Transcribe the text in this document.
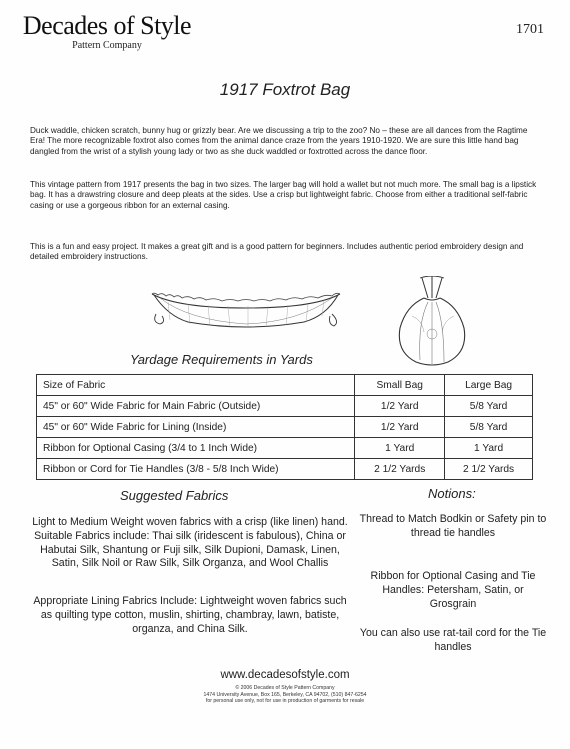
Decades of Style
Pattern Company
1701
1917 Foxtrot Bag

Duck waddle, chicken scratch, bunny hug or grizzly bear. Are we discussing a trip to the zoo? No – these are all dances from the Ragtime Era! The more recognizable foxtrot also comes from the animal dance craze from the years 1910-1920. We are sure this little hand bag dangled from the wrist of a stylish young lady or two as she duck waddled or foxtrotted across the dance floor.

This vintage pattern from 1917 presents the bag in two sizes. The larger bag will hold a wallet but not much more. The small bag is a lipstick bag. It has a drawstring closure and deep pleats at the sides. Use a crisp but lightweight fabric. Choose from either a traditional self-fabric casing or use a gorgeous ribbon for an external casing.

This is a fun and easy project. It makes a great gift and is a good pattern for beginners. Includes authentic period embroidery design and detailed embroidery instructions.

Yardage Requirements in Yards
Size of Fabric	Small Bag	Large Bag
45" or 60" Wide Fabric for Main Fabric (Outside)	1/2 Yard	5/8 Yard
45" or 60" Wide Fabric for Lining (Inside)	1/2 Yard	5/8 Yard
Ribbon for Optional Casing (3/4 to 1 Inch Wide)	1 Yard	1 Yard
Ribbon or Cord for Tie Handles (3/8 - 5/8 Inch Wide)	2 1/2 Yards	2 1/2 Yards
Suggested Fabrics	Notions:
Light to Medium Weight woven fabrics with a crisp (like linen) hand. Suitable Fabrics include: Thai silk (iridescent is fabulous), China or Habutai Silk, Shantung or Fuji silk, Silk Dupioni, Damask, Linen, Satin, Silk Noil or Raw Silk, Silk Organza, and Wool Challis
Appropriate Lining Fabrics Include: Lightweight woven fabrics such as quilting type cotton, muslin, shirting, chambray, lawn, batiste, organza, and China Silk.
Thread to Match Bodkin or Safety pin to thread tie handles
Ribbon for Optional Casing and Tie Handles: Petersham, Satin, or Grosgrain
You can also use rat-tail cord for the Tie handles
www.decadesofstyle.com
© 2006 Decades of Style Pattern Company
1474 University Avenue, Box 165, Berkeley, CA 94702, (510) 847-6254
for personal use only, not for use in production of garments for resale
